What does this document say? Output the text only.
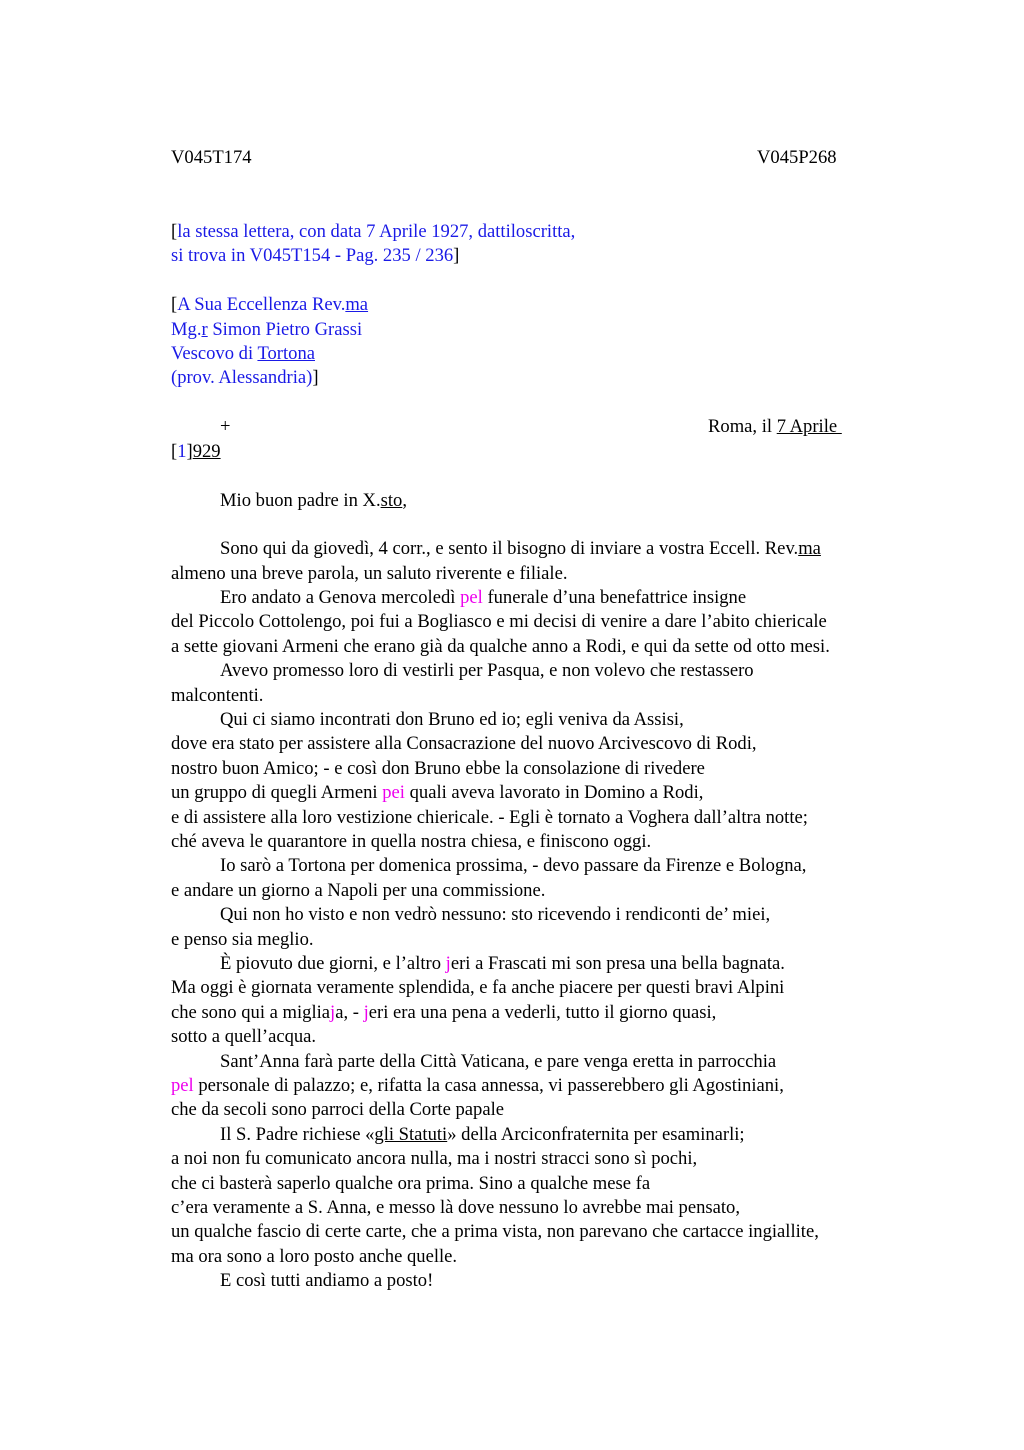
V045T174	V045P268
[la stessa lettera, con data 7 Aprile 1927, dattiloscritta,
si trova in V045T154 - Pag. 235 / 236]
[A Sua Eccellenza Rev.ma
Mg.r Simon Pietro Grassi
Vescovo di Tortona
(prov. Alessandria)]
+	Roma, il 7 Aprile
[1]929
Mio buon padre in X.sto,
Sono qui da giovedì, 4 corr., e sento il bisogno di inviare a vostra Eccell. Rev.ma
almeno una breve parola, un saluto riverente e filiale.
Ero andato a Genova mercoledì pel funerale d’una benefattrice insigne
del Piccolo Cottolengo, poi fui a Bogliasco e mi decisi di venire a dare l’abito chiericale
a sette giovani Armeni che erano già da qualche anno a Rodi, e qui da sette od otto mesi.
Avevo promesso loro di vestirli per Pasqua, e non volevo che restassero
malcontenti.
Qui ci siamo incontrati don Bruno ed io; egli veniva da Assisi,
dove era stato per assistere alla Consacrazione del nuovo Arcivescovo di Rodi,
nostro buon Amico; - e così don Bruno ebbe la consolazione di rivedere
un gruppo di quegli Armeni pei quali aveva lavorato in Domino a Rodi,
e di assistere alla loro vestizione chiericale. - Egli è tornato a Voghera dall’altra notte;
ché aveva le quarantore in quella nostra chiesa, e finiscono oggi.
Io sarò a Tortona per domenica prossima, - devo passare da Firenze e Bologna,
e andare un giorno a Napoli per una commissione.
Qui non ho visto e non vedrò nessuno: sto ricevendo i rendiconti de’ miei,
e penso sia meglio.
È piovuto due giorni, e l’altro jeri a Frascati mi son presa una bella bagnata.
Ma oggi è giornata veramente splendida, e fa anche piacere per questi bravi Alpini
che sono qui a migliaja, - jeri era una pena a vederli, tutto il giorno quasi,
sotto a quell’acqua.
Sant’Anna farà parte della Città Vaticana, e pare venga eretta in parrocchia
pel personale di palazzo; e, rifatta la casa annessa, vi passerebbero gli Agostiniani,
che da secoli sono parroci della Corte papale
Il S. Padre richiese «gli Statuti» della Arciconfraternita per esaminarli;
a noi non fu comunicato ancora nulla, ma i nostri stracci sono sì pochi,
che ci basterà saperlo qualche ora prima. Sino a qualche mese fa
c’era veramente a S. Anna, e messo là dove nessuno lo avrebbe mai pensato,
un qualche fascio di certe carte, che a prima vista, non parevano che cartacce ingiallite,
ma ora sono a loro posto anche quelle.
E così tutti andiamo a posto!
